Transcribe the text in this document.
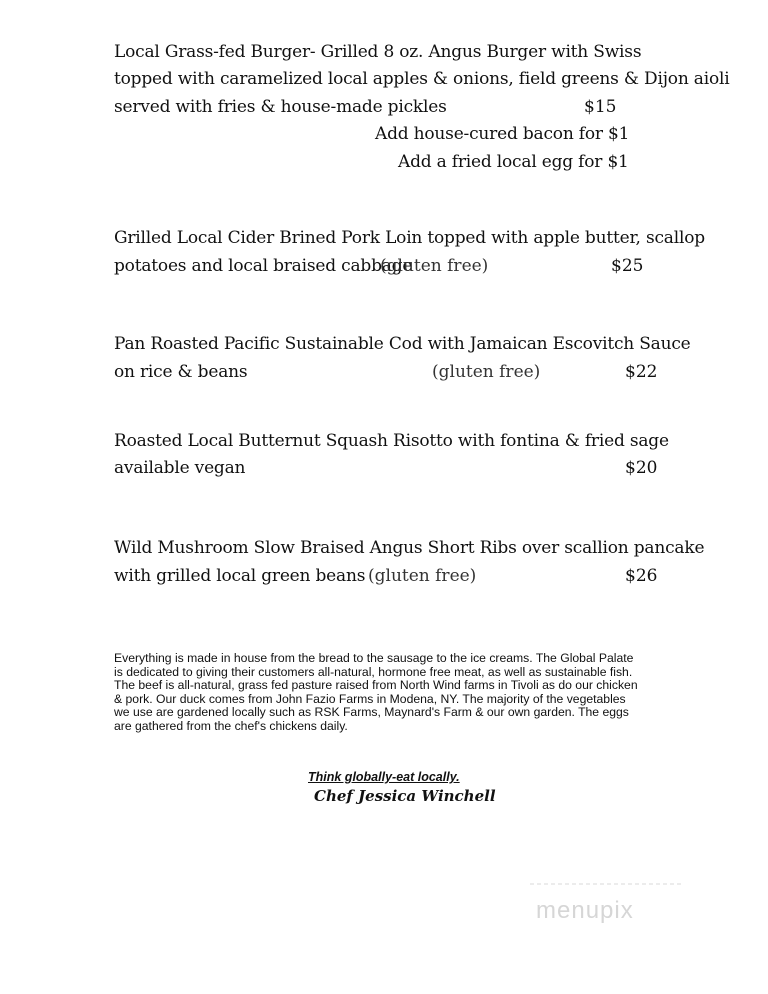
Local Grass-fed Burger- Grilled 8 oz. Angus Burger with Swiss
topped with caramelized local apples & onions, field greens & Dijon aioli
served with fries & house-made pickles	$15
Add house-cured bacon for $1
Add a fried local egg for $1
Grilled Local Cider Brined Pork Loin topped with apple butter, scallop
potatoes and local braised cabbage
(gluten free)	$25
Pan Roasted Pacific Sustainable Cod with Jamaican Escovitch Sauce
on rice & beans	(gluten free)	$22
Roasted Local Butternut Squash Risotto with fontina & fried sage
available vegan	$20
Wild Mushroom Slow Braised Angus Short Ribs over scallion pancake
with grilled local green beans (gluten free)	$26
Everything is made in house from the bread to the sausage to the ice creams. The Global Palate
is dedicated to giving their customers all-natural, hormone free meat, as well as sustainable fish.
The beef is all-natural, grass fed pasture raised from North Wind farms in Tivoli as do our chicken
& pork. Our duck comes from John Fazio Farms in Modena, NY. The majority of the vegetables
we use are gardened locally such as RSK Farms, Maynard's Farm & our own garden. The eggs
are gathered from the chef's chickens daily.
Think globally-eat locally.
Chef Jessica Winchell
menupix
